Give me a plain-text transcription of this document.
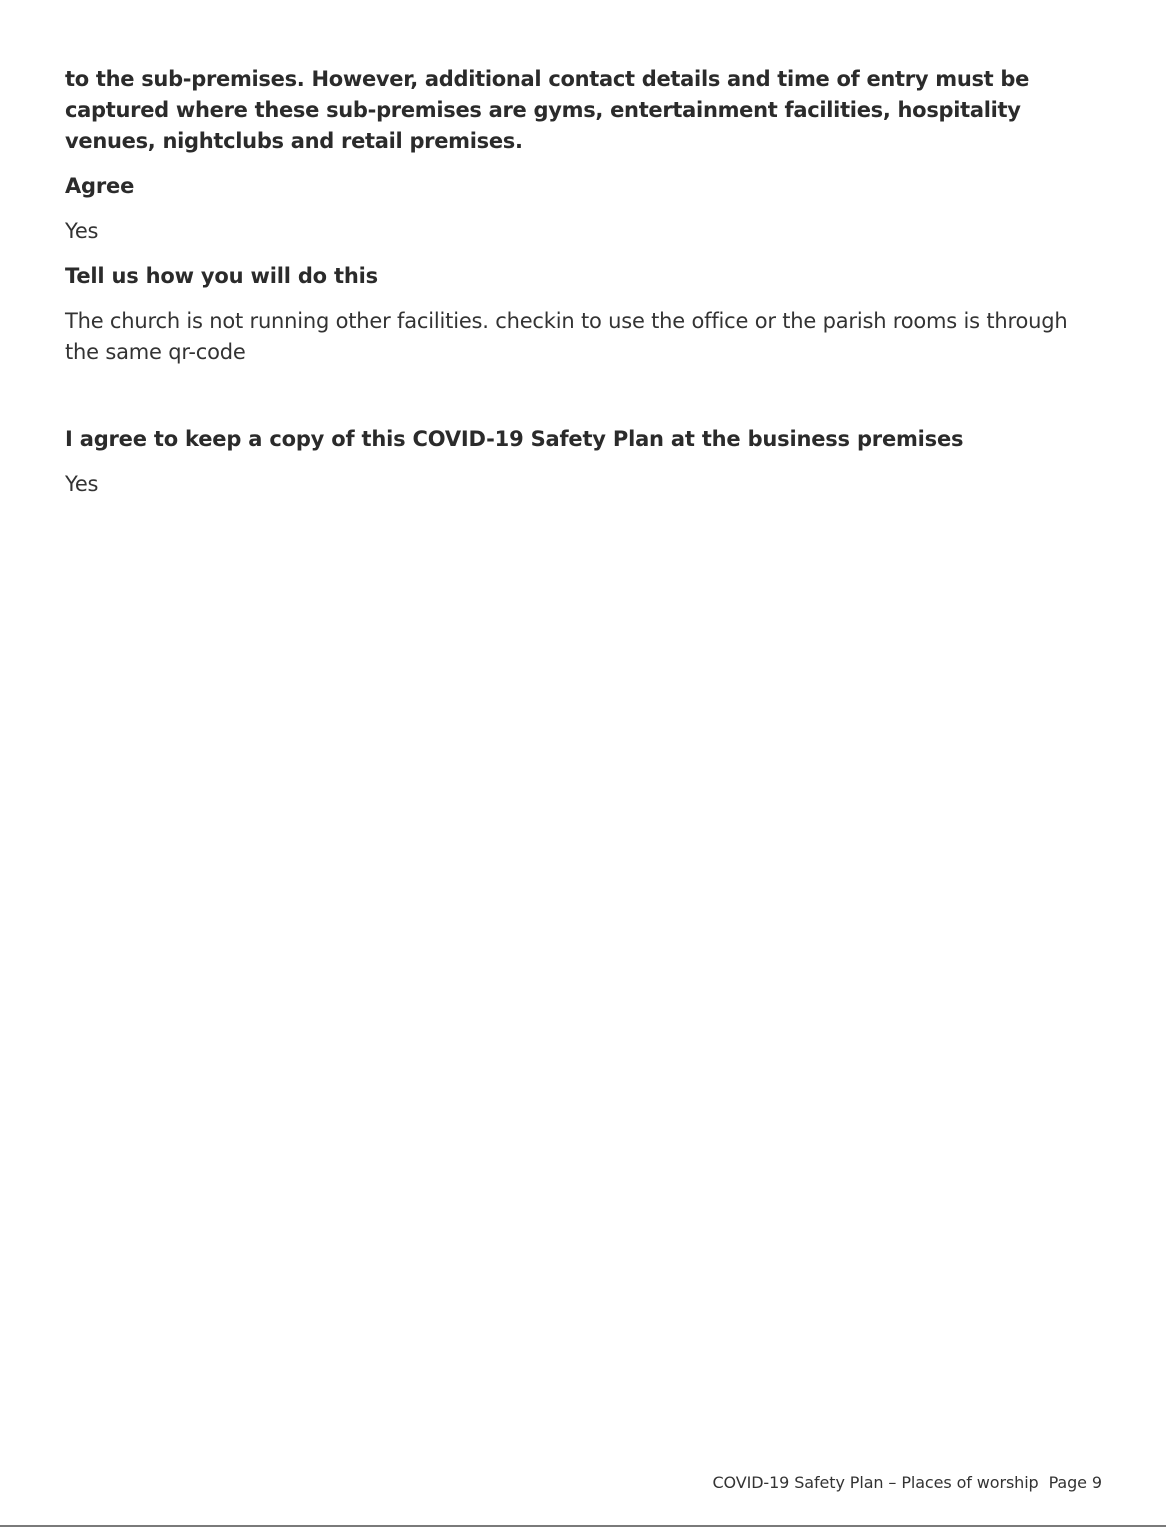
to the sub-premises. However, additional contact details and time of entry must be captured where these sub-premises are gyms, entertainment facilities, hospitality venues, nightclubs and retail premises.

Agree

Yes

Tell us how you will do this

The church is not running other facilities. checkin to use the office or the parish rooms is through the same qr-code

I agree to keep a copy of this COVID-19 Safety Plan at the business premises

Yes

COVID-19 Safety Plan – Places of worship  Page 9
